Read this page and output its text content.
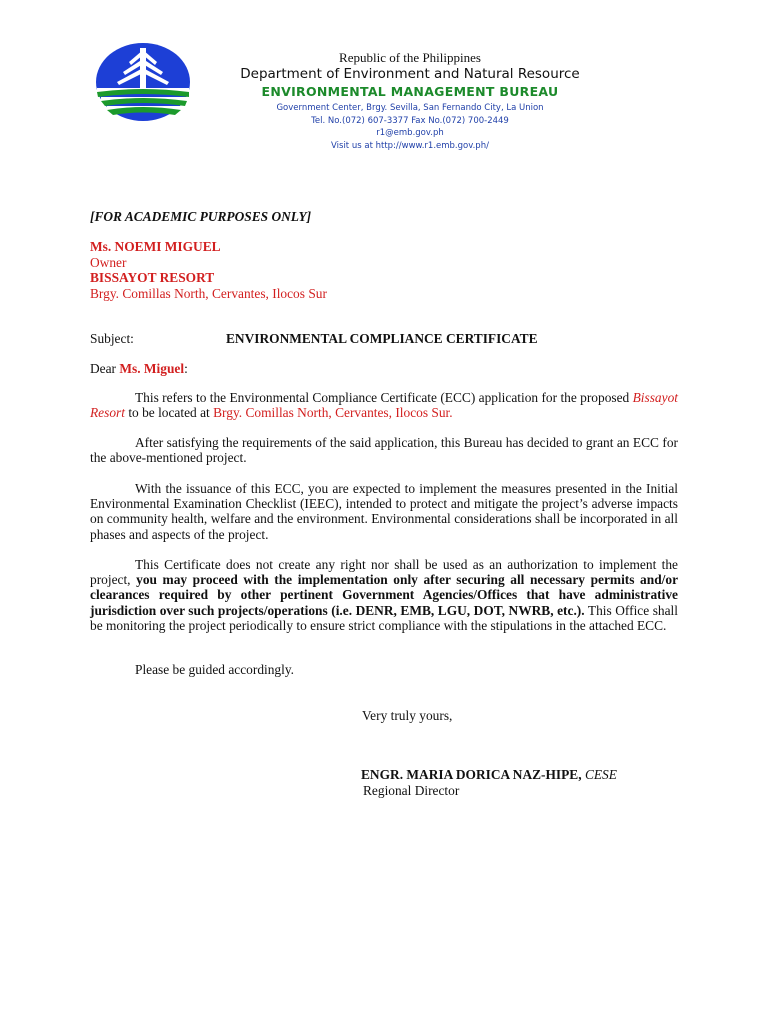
Republic of the Philippines
Department of Environment and Natural Resource
ENVIRONMENTAL MANAGEMENT BUREAU
Government Center, Brgy. Sevilla, San Fernando City, La Union
Tel. No.(072) 607-3377 Fax No.(072) 700-2449
r1@emb.gov.ph
Visit us at http://www.r1.emb.gov.ph/
[FOR ACADEMIC PURPOSES ONLY]
Ms. NOEMI MIGUEL
Owner
BISSAYOT RESORT
Brgy. Comillas North, Cervantes, Ilocos Sur
Subject:	ENVIRONMENTAL COMPLIANCE CERTIFICATE
Dear Ms. Miguel:
This refers to the Environmental Compliance Certificate (ECC) application for the proposed Bissayot Resort to be located at Brgy. Comillas North, Cervantes, Ilocos Sur.
After satisfying the requirements of the said application, this Bureau has decided to grant an ECC for the above-mentioned project.
With the issuance of this ECC, you are expected to implement the measures presented in the Initial Environmental Examination Checklist (IEEC), intended to protect and mitigate the project’s adverse impacts on community health, welfare and the environment. Environmental considerations shall be incorporated in all phases and aspects of the project.
This Certificate does not create any right nor shall be used as an authorization to implement the project, you may proceed with the implementation only after securing all necessary permits and/or clearances required by other pertinent Government Agencies/Offices that have administrative jurisdiction over such projects/operations (i.e. DENR, EMB, LGU, DOT, NWRB, etc.). This Office shall be monitoring the project periodically to ensure strict compliance with the stipulations in the attached ECC.
Please be guided accordingly.
Very truly yours,
ENGR. MARIA DORICA NAZ-HIPE, CESE
Regional Director
